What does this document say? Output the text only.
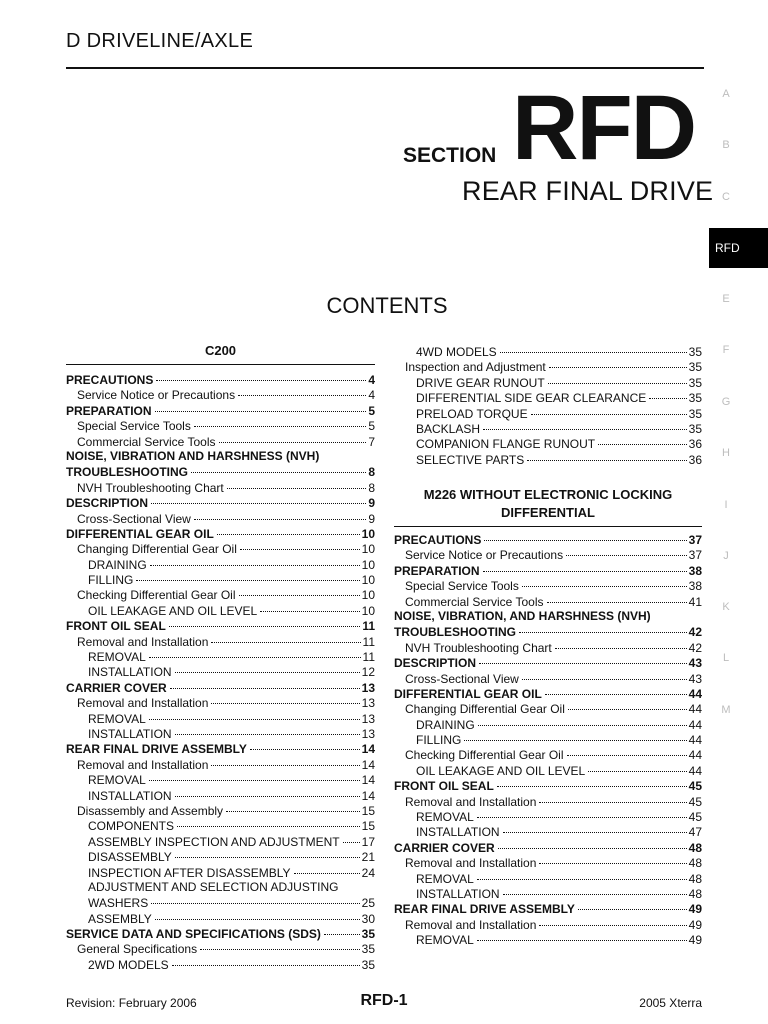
D DRIVELINE/AXLE
SECTION RFD
REAR FINAL DRIVE
A
B
C
RFD
E
F
G
H
I
J
K
L
M
CONTENTS
C200
PRECAUTIONS	4
Service Notice or Precautions	4
PREPARATION	5
Special Service Tools	5
Commercial Service Tools	7
NOISE, VIBRATION AND HARSHNESS (NVH)
TROUBLESHOOTING	8
NVH Troubleshooting Chart	8
DESCRIPTION	9
Cross-Sectional View	9
DIFFERENTIAL GEAR OIL	10
Changing Differential Gear Oil	10
DRAINING	10
FILLING	10
Checking Differential Gear Oil	10
OIL LEAKAGE AND OIL LEVEL	10
FRONT OIL SEAL	11
Removal and Installation	11
REMOVAL	11
INSTALLATION	12
CARRIER COVER	13
Removal and Installation	13
REMOVAL	13
INSTALLATION	13
REAR FINAL DRIVE ASSEMBLY	14
Removal and Installation	14
REMOVAL	14
INSTALLATION	14
Disassembly and Assembly	15
COMPONENTS	15
ASSEMBLY INSPECTION AND ADJUSTMENT 17
DISASSEMBLY	21
INSPECTION AFTER DISASSEMBLY	24
ADJUSTMENT AND SELECTION ADJUSTING
WASHERS	25
ASSEMBLY	30
SERVICE DATA AND SPECIFICATIONS (SDS)	35
General Specifications	35
2WD MODELS	35
4WD MODELS	35
Inspection and Adjustment	35
DRIVE GEAR RUNOUT	35
DIFFERENTIAL SIDE GEAR CLEARANCE	35
PRELOAD TORQUE	35
BACKLASH	35
COMPANION FLANGE RUNOUT	36
SELECTIVE PARTS	36
M226 WITHOUT ELECTRONIC LOCKING DIFFERENTIAL
PRECAUTIONS	37
Service Notice or Precautions	37
PREPARATION	38
Special Service Tools	38
Commercial Service Tools	41
NOISE, VIBRATION, AND HARSHNESS (NVH)
TROUBLESHOOTING	42
NVH Troubleshooting Chart	42
DESCRIPTION	43
Cross-Sectional View	43
DIFFERENTIAL GEAR OIL	44
Changing Differential Gear Oil	44
DRAINING	44
FILLING	44
Checking Differential Gear Oil	44
OIL LEAKAGE AND OIL LEVEL	44
FRONT OIL SEAL	45
Removal and Installation	45
REMOVAL	45
INSTALLATION	47
CARRIER COVER	48
Removal and Installation	48
REMOVAL	48
INSTALLATION	48
REAR FINAL DRIVE ASSEMBLY	49
Removal and Installation	49
REMOVAL	49
Revision: February 2006	RFD-1	2005 Xterra
